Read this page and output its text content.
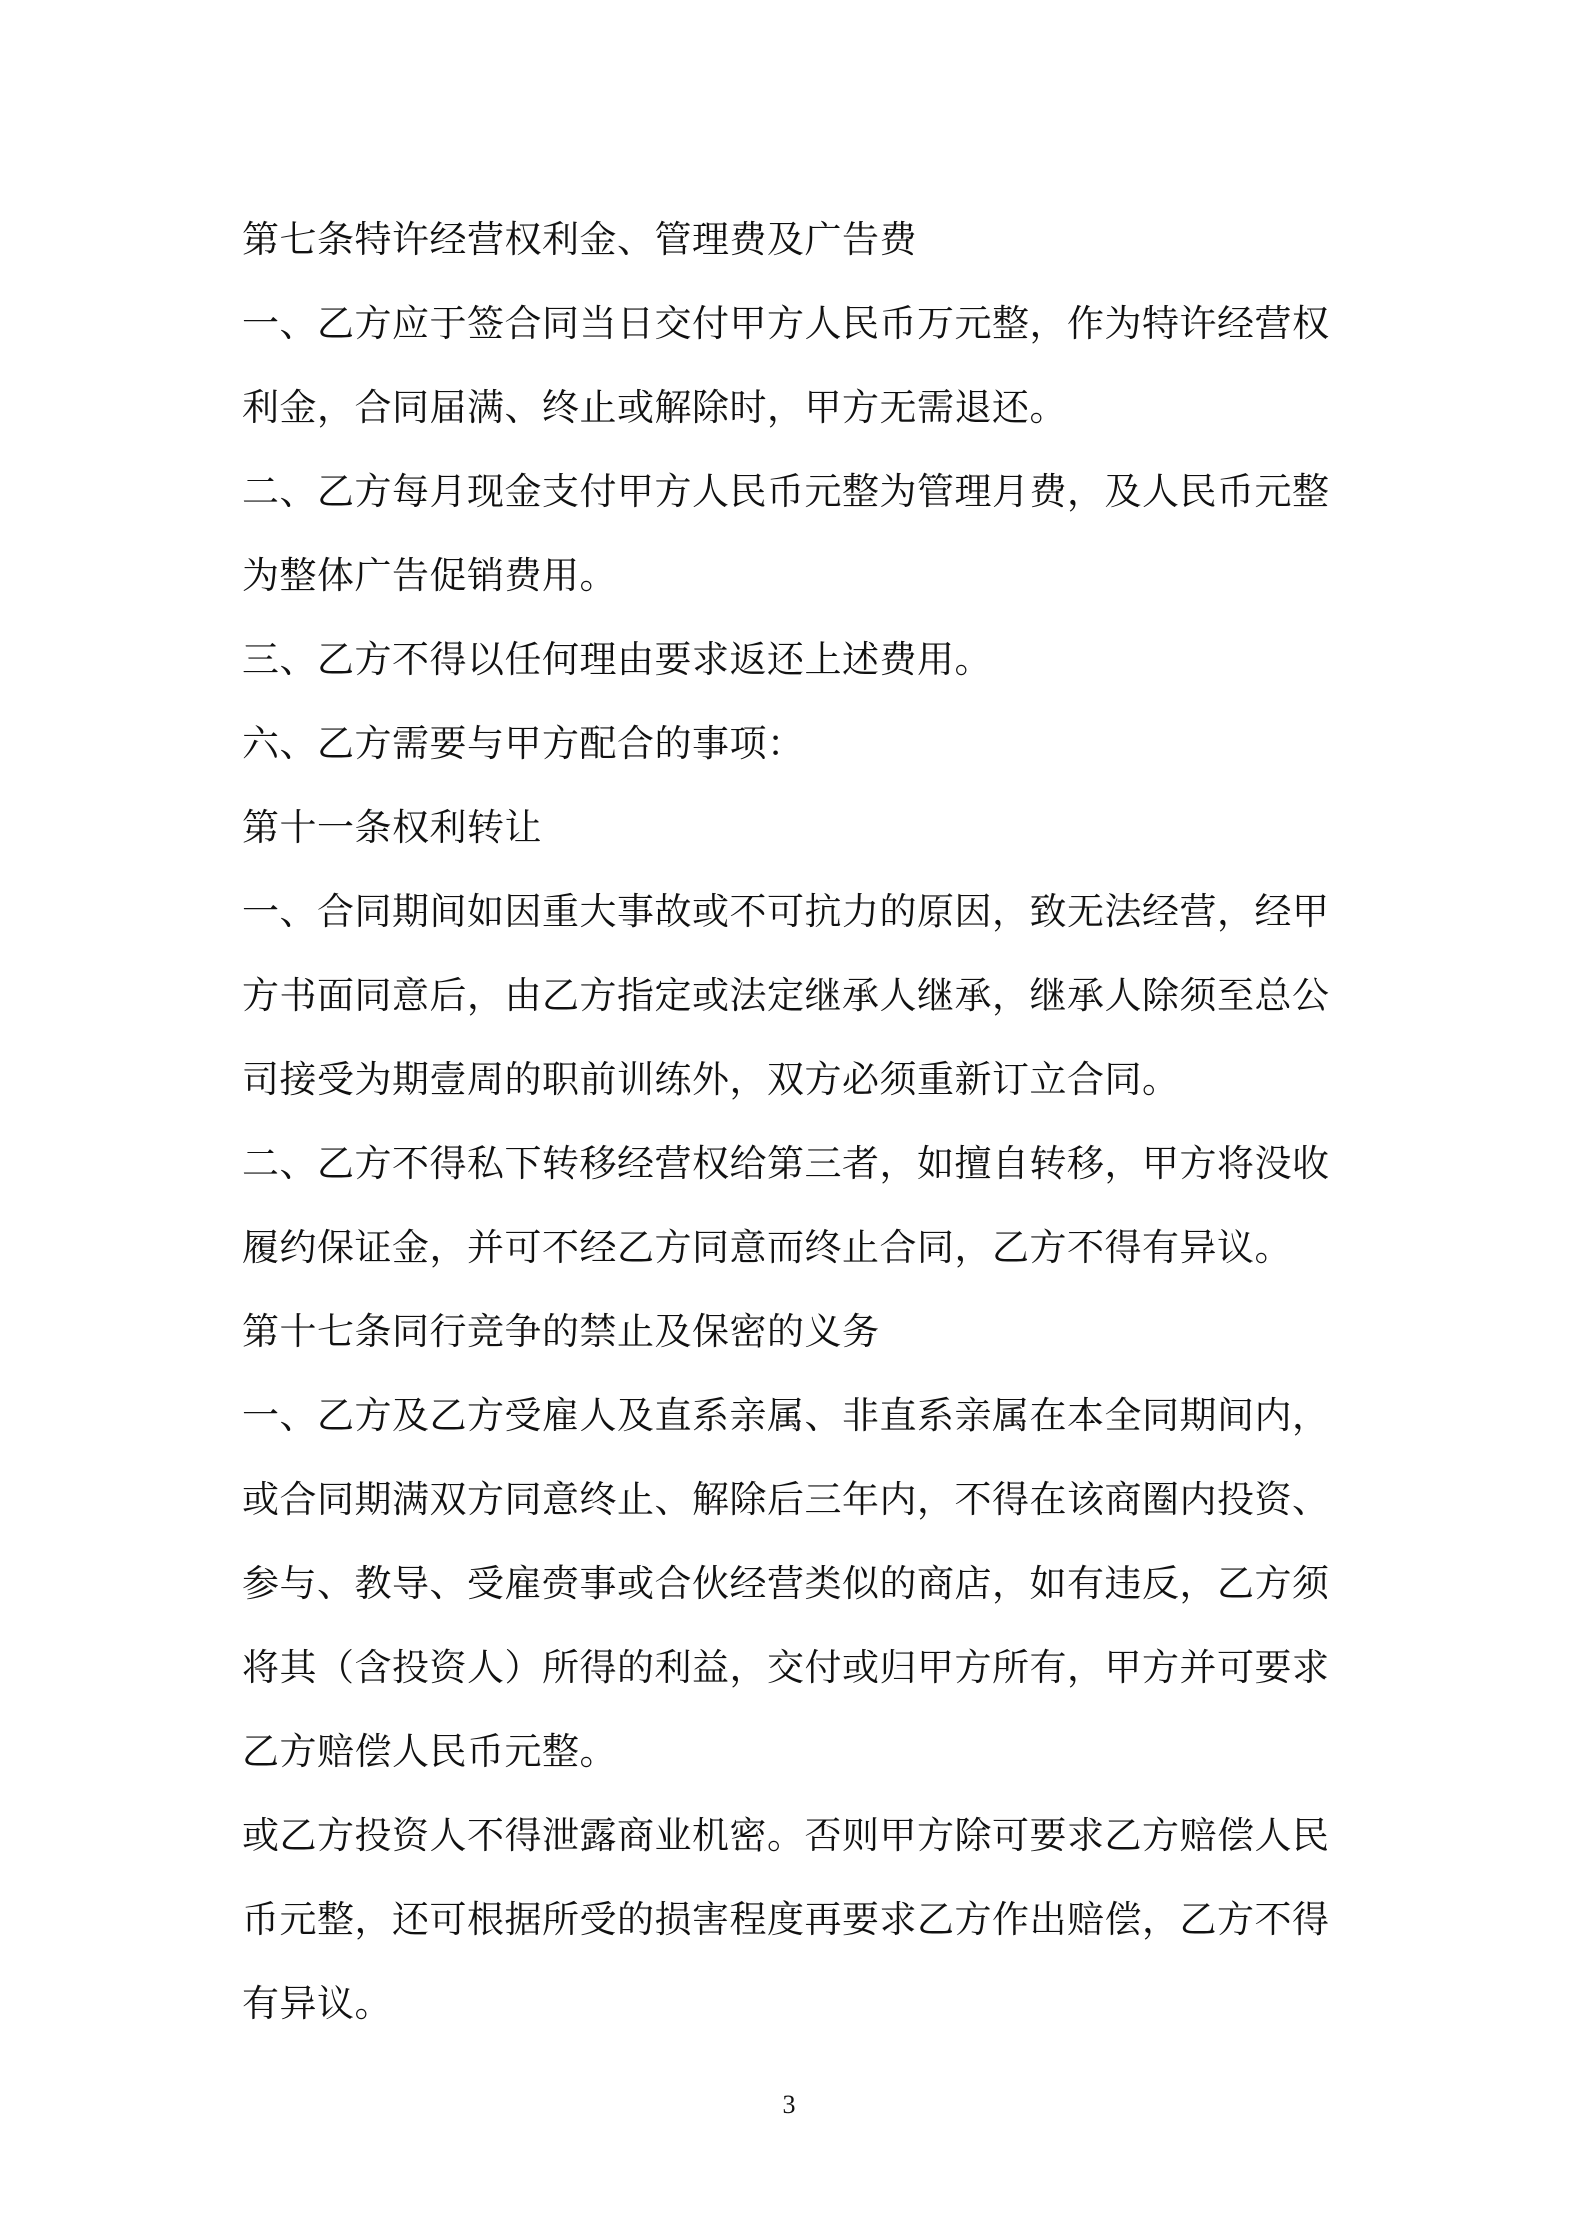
第七条特许经营权利金、管理费及广告费
一、乙方应于签合同当日交付甲方人民币万元整，作为特许经营权
利金，合同届满、终止或解除时，甲方无需退还。
二、乙方每月现金支付甲方人民币元整为管理月费，及人民币元整
为整体广告促销费用。
三、乙方不得以任何理由要求返还上述费用。
六、乙方需要与甲方配合的事项：
第十一条权利转让
一、合同期间如因重大事故或不可抗力的原因，致无法经营，经甲
方书面同意后，由乙方指定或法定继承人继承，继承人除须至总公
司接受为期壹周的职前训练外，双方必须重新订立合同。
二、乙方不得私下转移经营权给第三者，如擅自转移，甲方将没收
履约保证金，并可不经乙方同意而终止合同，乙方不得有异议。
第十七条同行竞争的禁止及保密的义务
一、乙方及乙方受雇人及直系亲属、非直系亲属在本全同期间内，
或合同期满双方同意终止、解除后三年内，不得在该商圈内投资、
参与、教导、受雇赍事或合伙经营类似的商店，如有违反，乙方须
将其（含投资人）所得的利益，交付或归甲方所有，甲方并可要求
乙方赔偿人民币元整。
或乙方投资人不得泄露商业机密。否则甲方除可要求乙方赔偿人民
币元整，还可根据所受的损害程度再要求乙方作出赔偿，乙方不得
有异议。
3
